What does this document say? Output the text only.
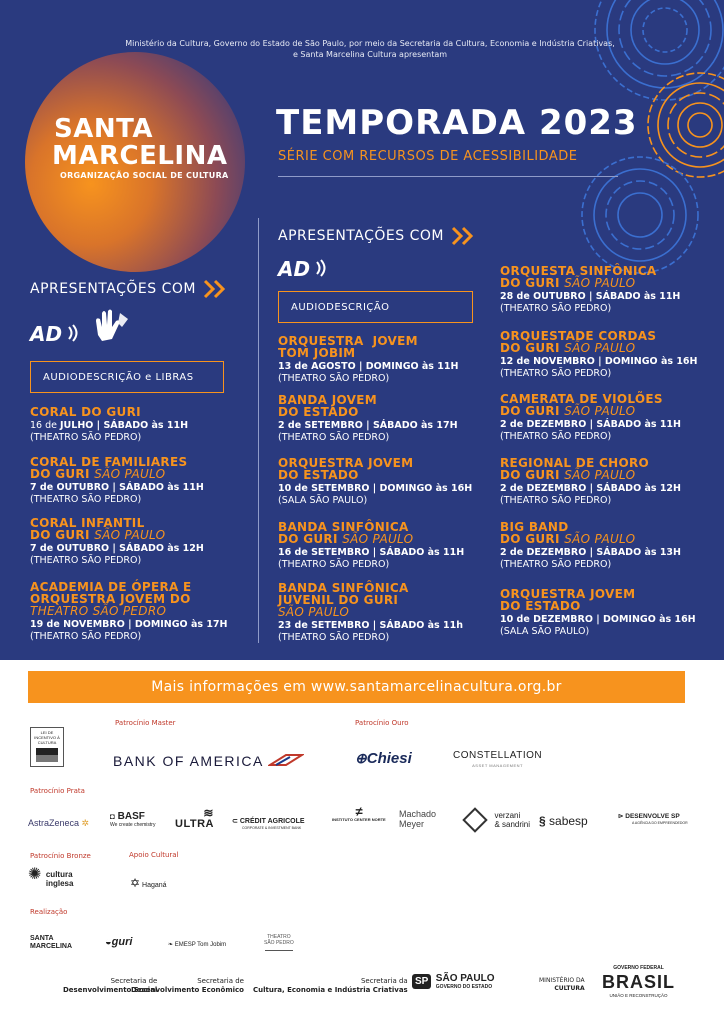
Ministério da Cultura, Governo do Estado de São Paulo, por meio da Secretaria da Cultura, Economia e Indústria Criativas,
e Santa Marcelina Cultura apresentam
SANTA
MARCELINA
ORGANIZAÇÃO SOCIAL DE CULTURA
TEMPORADA 2023
SÉRIE COM RECURSOS DE ACESSIBILIDADE
APRESENTAÇÕES COM
AD
AUDIODESCRIÇÃO e LIBRAS
CORAL DO GURI
16 de JULHO | SÁBADO às 11H
(THEATRO SÃO PEDRO)
CORAL DE FAMILIARES
DO GURI SÃO PAULO
7 de OUTUBRO | SÁBADO às 11H
(THEATRO SÃO PEDRO)
CORAL INFANTIL
DO GURI SÃO PAULO
7 de OUTUBRO | SÁBADO às 12H
(THEATRO SÃO PEDRO)
ACADEMIA DE ÓPERA E
ORQUESTRA JOVEM DO
THEATRO SÃO PEDRO
19 de NOVEMBRO | DOMINGO às 17H
(THEATRO SÃO PEDRO)
APRESENTAÇÕES COM
AD
AUDIODESCRIÇÃO
ORQUESTRA  JOVEM
TOM JOBIM
13 de AGOSTO | DOMINGO às 11H
(THEATRO SÃO PEDRO)
BANDA JOVEM
DO ESTADO
2 de SETEMBRO | SÁBADO às 17H
(THEATRO SÃO PEDRO)
ORQUESTRA JOVEM
DO ESTADO
10 de SETEMBRO | DOMINGO às 16H
(SALA SÃO PAULO)
BANDA SINFÔNICA
DO GURI SÃO PAULO
16 de SETEMBRO | SÁBADO às 11H
(THEATRO SÃO PEDRO)
BANDA SINFÔNICA
JUVENIL DO GURI
SÃO PAULO
23 de SETEMBRO | SÁBADO às 11h
(THEATRO SÃO PEDRO)
ORQUESTA SINFÔNICA
DO GURI SÃO PAULO
28 de OUTUBRO | SÁBADO às 11H
(THEATRO SÃO PEDRO)
ORQUESTADE CORDAS
DO GURI SÃO PAULO
12 de NOVEMBRO | DOMINGO às 16H
(THEATRO SÃO PEDRO)
CAMERATA DE VIOLÕES
DO GURI SÃO PAULO
2 de DEZEMBRO | SÁBADO às 11H
(THEATRO SÃO PEDRO)
REGIONAL DE CHORO
DO GURI SÃO PAULO
2 de DEZEMBRO | SÁBADO às 12H
(THEATRO SÃO PEDRO)
BIG BAND
DO GURI SÃO PAULO
2 de DEZEMBRO | SÁBADO às 13H
(THEATRO SÃO PEDRO)
ORQUESTRA JOVEM
DO ESTADO
10 de DEZEMBRO | DOMINGO às 16H
(SALA SÃO PAULO)
Mais informações em www.santamarcelinacultura.org.br
Patrocínio Master	Patrocínio Ouro
LEI DE INCENTIVO À CULTURA
BANK OF AMERICA	⊕Chiesi	CONSTELLATION
ASSET MANAGEMENT
Patrocínio Prata
AstraZeneca ✲
◘ BASF
We create chemistry
≋
ULTRA	⊂ CRÉDIT AGRICOLE
CORPORATE & INVESTMENT BANK
≠
INSTITUTO CENTER NORTE
Machado
Meyer

verzani
& sandrini § sabesp	⊳ DESENVOLVE SP
A AGÊNCIA DO EMPREENDEDOR
Patrocínio Bronze	Apoio Cultural
✺ cultura
inglesa	✡ Haganá
Realização
SANTA
MARCELINA	◒guri	❧ EMESP Tom Jobim
THEATRO
SÃO PEDRO
Secretaria de
Desenvolvimento Social
Secretaria de
Desenvolvimento Econômico
Secretaria da
Cultura, Economia e Indústria Criativas
SP SÃO PAULO
GOVERNO DO ESTADO
MINISTÉRIO DA
CULTURA
GOVERNO FEDERAL
BRASIL
UNIÃO E RECONSTRUÇÃO
